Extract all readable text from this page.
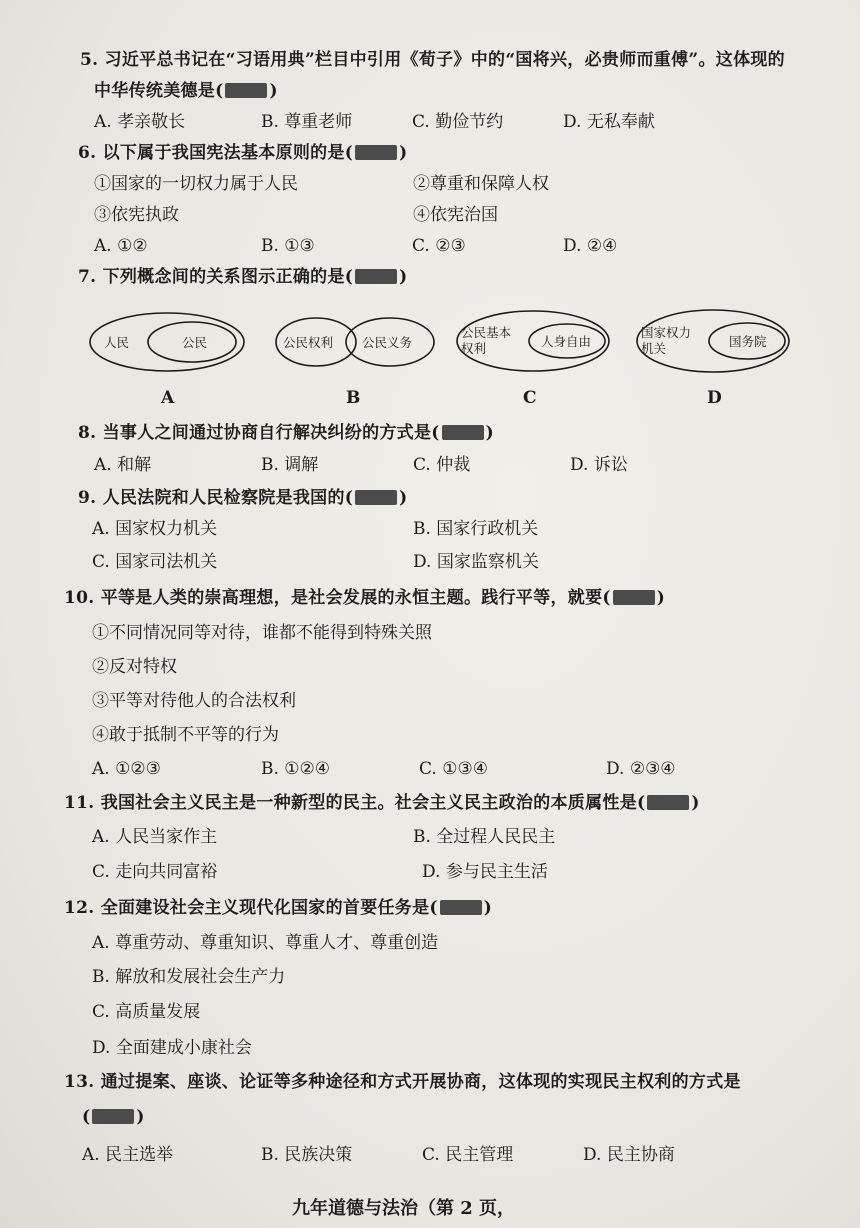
5. 习近平总书记在“习语用典”栏目中引用《荀子》中的“国将兴，必贵师而重傅”。这体现的
中华传统美德是(	)
A. 孝亲敬长	B. 尊重老师	C. 勤俭节约	D. 无私奉献
6. 以下属于我国宪法基本原则的是(	)
①国家的一切权力属于人民	②尊重和保障人权
③依宪执政	④依宪治国
A. ①②	B. ①③	C. ②③	D. ②④
7. 下列概念间的关系图示正确的是(	)
人民	公民
A
公民权利 公民义务
B
公民基本
权利	人身自由
C
国家权力
机关	国务院
D
8. 当事人之间通过协商自行解决纠纷的方式是(	)
A. 和解	B. 调解	C. 仲裁	D. 诉讼
9. 人民法院和人民检察院是我国的(	)
A. 国家权力机关	B. 国家行政机关
C. 国家司法机关	D. 国家监察机关
10. 平等是人类的崇高理想，是社会发展的永恒主题。践行平等，就要(	)
①不同情况同等对待，谁都不能得到特殊关照
②反对特权
③平等对待他人的合法权利
④敢于抵制不平等的行为
A. ①②③	B. ①②④	C. ①③④	D. ②③④
11. 我国社会主义民主是一种新型的民主。社会主义民主政治的本质属性是(	)
A. 人民当家作主	B. 全过程人民民主
C. 走向共同富裕	D. 参与民主生活
12. 全面建设社会主义现代化国家的首要任务是(	)
A. 尊重劳动、尊重知识、尊重人才、尊重创造
B. 解放和发展社会生产力
C. 高质量发展
D. 全面建成小康社会
13. 通过提案、座谈、论证等多种途径和方式开展协商，这体现的实现民主权利的方式是
(	)
A. 民主选举	B. 民族决策	C. 民主管理	D. 民主协商
九年道德与法治（第 2 页，
